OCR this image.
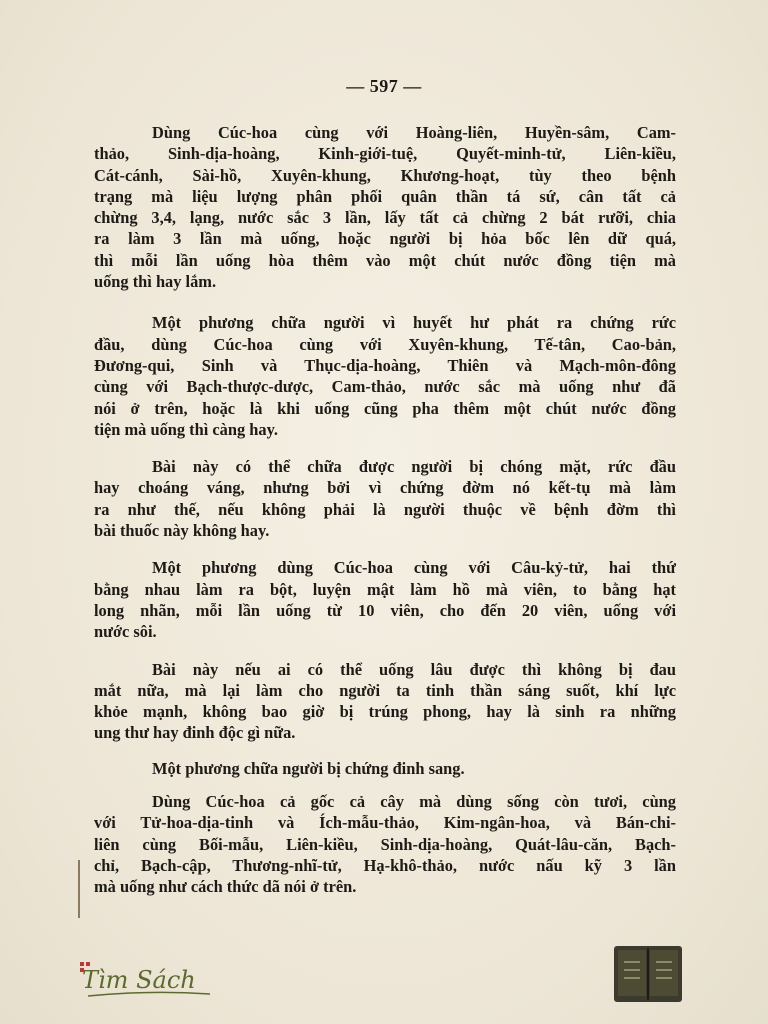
— 597 —

Dùng Cúc-hoa cùng với Hoàng-liên, Huyền-sâm, Cam-
thảo, Sinh-dịa-hoàng, Kinh-giới-tuệ, Quyết-minh-tử, Liên-kiều,
Cát-cánh, Sài-hồ, Xuyên-khung, Khương-hoạt, tùy theo bệnh
trạng mà liệu lượng phân phối quân thần tá sứ, cân tất cả
chừng 3,4, lạng, nước sắc 3 lần, lấy tất cả chừng 2 bát rưỡi, chia
ra làm 3 lần mà uống, hoặc người bị hỏa bốc lên dữ quá,
thì mỗi lần uống hòa thêm vào một chút nước đồng tiện mà
uống thì hay lắm.

Một phương chữa người vì huyết hư phát ra chứng rức
đầu, dùng Cúc-hoa cùng với Xuyên-khung, Tế-tân, Cao-bản,
Đương-qui, Sinh và Thục-dịa-hoàng, Thiên và Mạch-môn-đông
cùng với Bạch-thược-dược, Cam-thảo, nước sắc mà uống như đã
nói ở trên, hoặc là khi uống cũng pha thêm một chút nước đồng
tiện mà uống thì càng hay.

Bài này có thể chữa được người bị chóng mặt, rức đầu
hay choáng váng, nhưng bởi vì chứng đờm nó kết-tụ mà làm
ra như thế, nếu không phải là người thuộc về bệnh đờm thì
bài thuốc này không hay.

Một phương dùng Cúc-hoa cùng với Câu-kỷ-tử, hai thứ
bằng nhau làm ra bột, luyện mật làm hồ mà viên, to bằng hạt
long nhãn, mỗi lần uống từ 10 viên, cho đến 20 viên, uống với
nước sôi.

Bài này nếu ai có thể uống lâu được thì không bị đau
mắt nữa, mà lại làm cho người ta tinh thần sáng suốt, khí lực
khỏe mạnh, không bao giờ bị trúng phong, hay là sinh ra những
ung thư hay đinh độc gì nữa.

Một phương chữa người bị chứng đinh sang.

Dùng Cúc-hoa cả gốc cả cây mà dùng sống còn tươi, cùng
với Tử-hoa-dịa-tinh và Ích-mẫu-thảo, Kim-ngân-hoa, và Bán-chi-
liên cùng Bối-mẫu, Liên-kiều, Sinh-dịa-hoàng, Quát-lâu-căn, Bạch-
chỉ, Bạch-cập, Thương-nhĩ-tử, Hạ-khô-thảo, nước nấu kỹ 3 lần
mà uống như cách thức dã nói ở trên.

Tìm Sách
